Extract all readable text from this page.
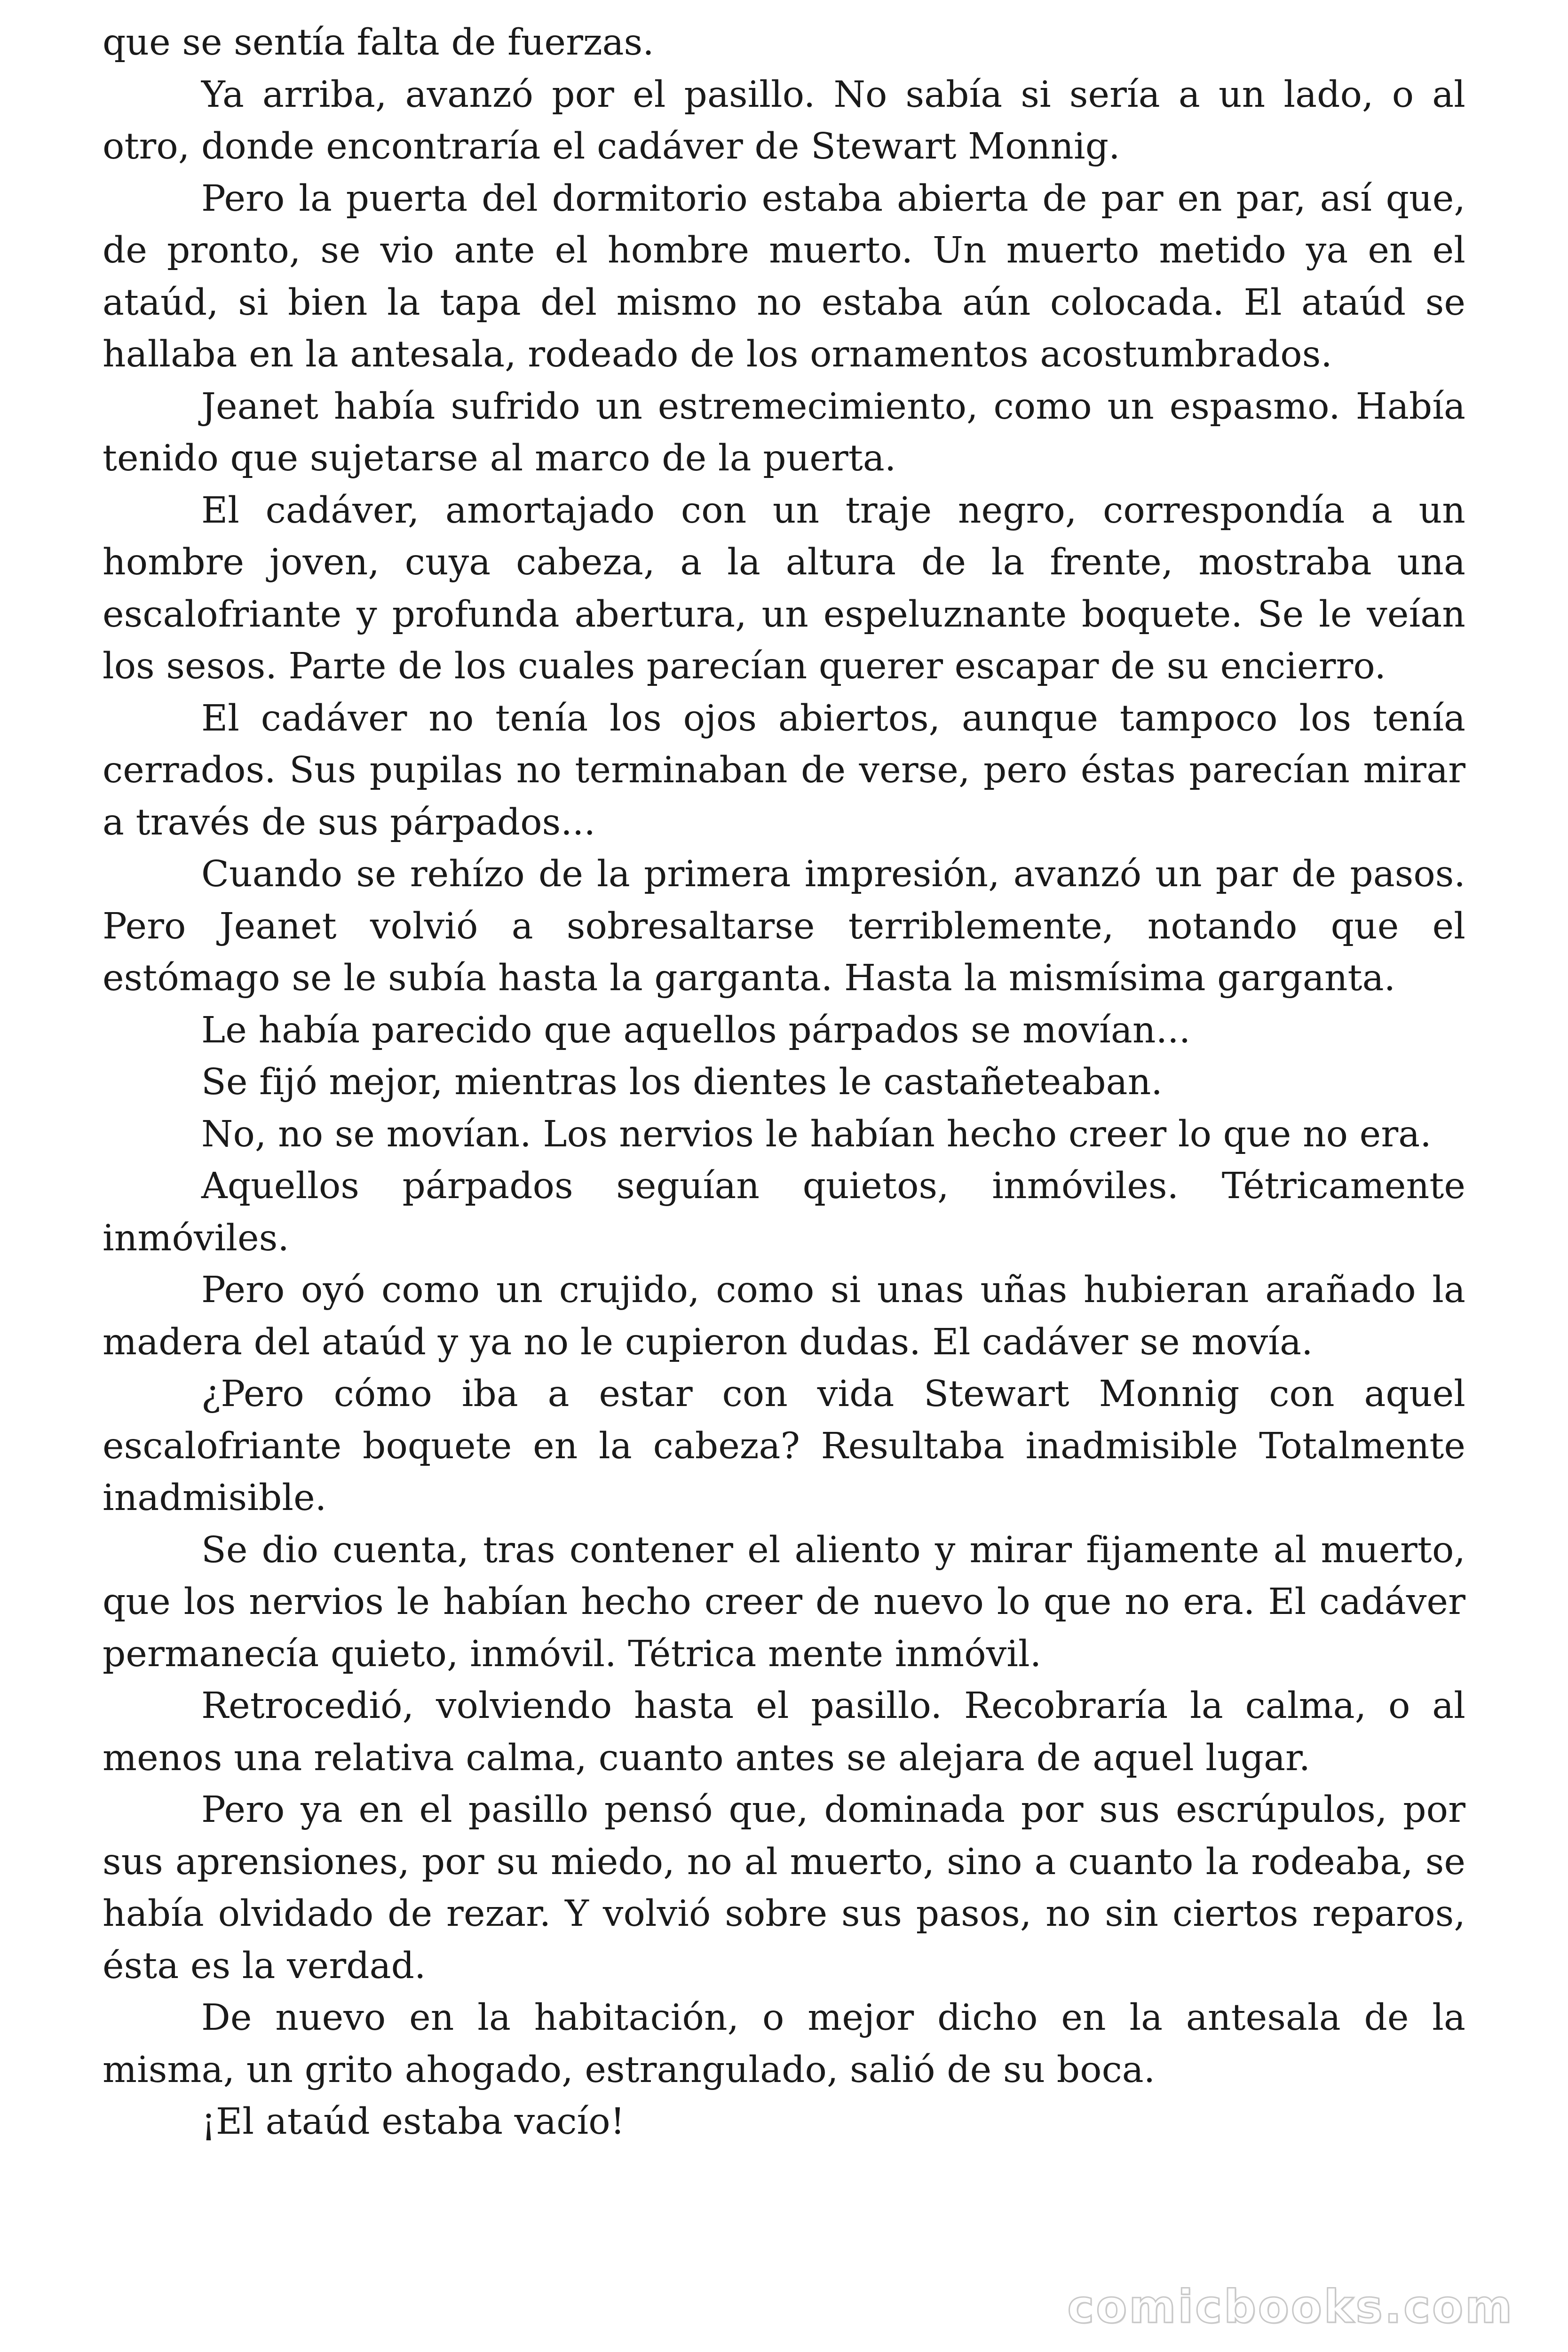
que se sentía falta de fuerzas.

Ya arriba, avanzó por el pasillo. No sabía si sería a un lado, o al otro, donde encontraría el cadáver de Stewart Monnig.

Pero la puerta del dormitorio estaba abierta de par en par, así que, de pronto, se vio ante el hombre muerto. Un muerto metido ya en el ataúd, si bien la tapa del mismo no estaba aún colocada. El ataúd se hallaba en la antesala, rodeado de los ornamentos acostumbrados.

Jeanet había sufrido un estremecimiento, como un espasmo. Había tenido que sujetarse al marco de la puerta.

El cadáver, amortajado con un traje negro, correspondía a un hombre joven, cuya cabeza, a la altura de la frente, mostraba una escalofriante y profunda abertura, un espeluznante boquete. Se le veían los sesos. Parte de los cuales parecían querer escapar de su encierro.

El cadáver no tenía los ojos abiertos, aunque tampoco los tenía cerrados. Sus pupilas no terminaban de verse, pero éstas parecían mirar a través de sus párpados...

Cuando se rehízo de la primera impresión, avanzó un par de pasos. Pero Jeanet volvió a sobresaltarse terriblemente, notando que el estómago se le subía hasta la garganta. Hasta la mismísima garganta.

Le había parecido que aquellos párpados se movían...

Se fijó mejor, mientras los dientes le castañeteaban.

No, no se movían. Los nervios le habían hecho creer lo que no era.

Aquellos párpados seguían quietos, inmóviles. Tétricamente inmóviles.

Pero oyó como un crujido, como si unas uñas hubieran arañado la madera del ataúd y ya no le cupieron dudas. El cadáver se movía.

¿Pero cómo iba a estar con vida Stewart Monnig con aquel escalofriante boquete en la cabeza? Resultaba inadmisible Totalmente inadmisible.

Se dio cuenta, tras contener el aliento y mirar fijamente al muerto, que los nervios le habían hecho creer de nuevo lo que no era. El cadáver permanecía quieto, inmóvil. Tétrica mente inmóvil.

Retrocedió, volviendo hasta el pasillo. Recobraría la calma, o al menos una relativa calma, cuanto antes se alejara de aquel lugar.

Pero ya en el pasillo pensó que, dominada por sus escrúpulos, por sus aprensiones, por su miedo, no al muerto, sino a cuanto la rodeaba, se había olvidado de rezar. Y volvió sobre sus pasos, no sin ciertos reparos, ésta es la verdad.

De nuevo en la habitación, o mejor dicho en la antesala de la misma, un grito ahogado, estrangulado, salió de su boca.

¡El ataúd estaba vacío!

comicbooks.com
